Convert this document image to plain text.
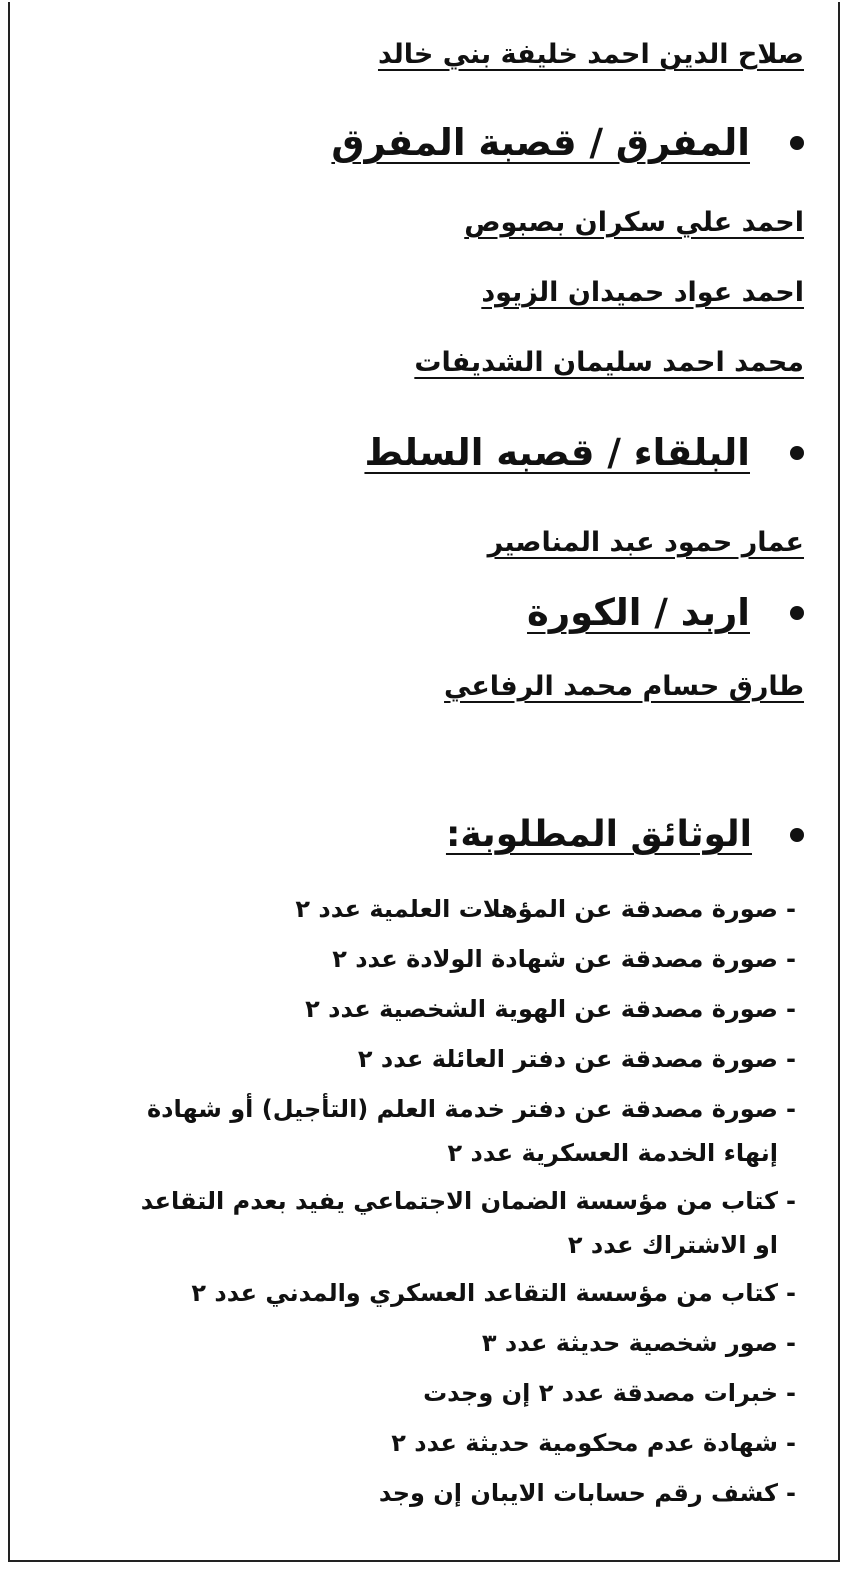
صلاح الدين احمد خليفة بني خالد
المفرق / قصبة المفرق
احمد علي سكران بصبوص
احمد عواد حميدان الزيود
محمد احمد سليمان الشديفات
البلقاء / قصبه السلط
عمار حمود عبد المناصير
اربد / الكورة
طارق حسام محمد الرفاعي
الوثائق المطلوبة:
-صورة مصدقة عن المؤهلات العلمية عدد ٢
-صورة مصدقة عن شهادة الولادة عدد ٢
-صورة مصدقة عن الهوية الشخصية عدد ٢
-صورة مصدقة عن دفتر العائلة عدد ٢
-صورة مصدقة عن دفتر خدمة العلم (التأجيل) أو شهادة
إنهاء الخدمة العسكرية عدد ٢
-كتاب من مؤسسة الضمان الاجتماعي يفيد بعدم التقاعد
او الاشتراك عدد ٢
-كتاب من مؤسسة التقاعد العسكري والمدني عدد ٢
-صور شخصية حديثة عدد ٣
-خبرات مصدقة عدد ٢ إن وجدت
-شهادة عدم محكومية حديثة عدد ٢
-كشف رقم حسابات الايبان إن وجد
